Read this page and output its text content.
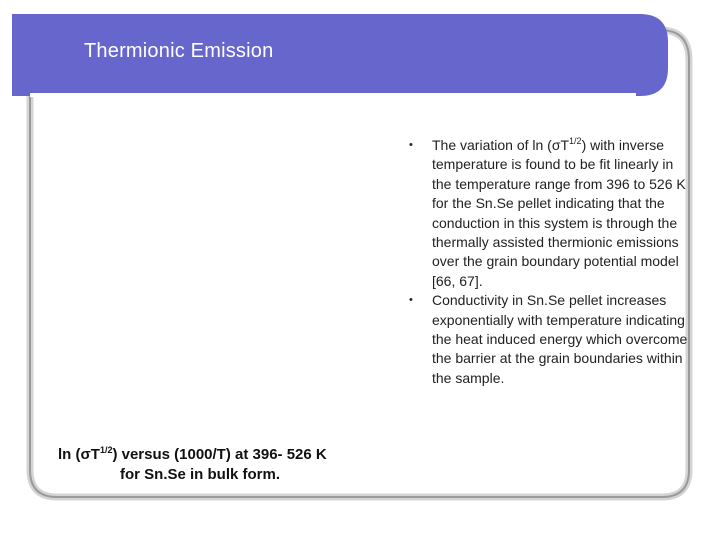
Thermionic Emission
• The variation of $\ln (\sigma T^{1/2})$ with inverse temperature is found to be fit linearly in the temperature range from 396 to 526 K for the Sn.Se pellet indicating that the conduction in this system is through the thermally assisted thermionic emissions over the grain boundary potential model [66, 67].
• Conductivity in Sn.Se pellet increases exponentially with temperature indicating the heat induced energy which overcome the barrier at the grain boundaries within the sample.
$\ln (\sigma T^{1/2})$ versus (1000/T) at 396- 526 K
for Sn.Se in bulk form.
